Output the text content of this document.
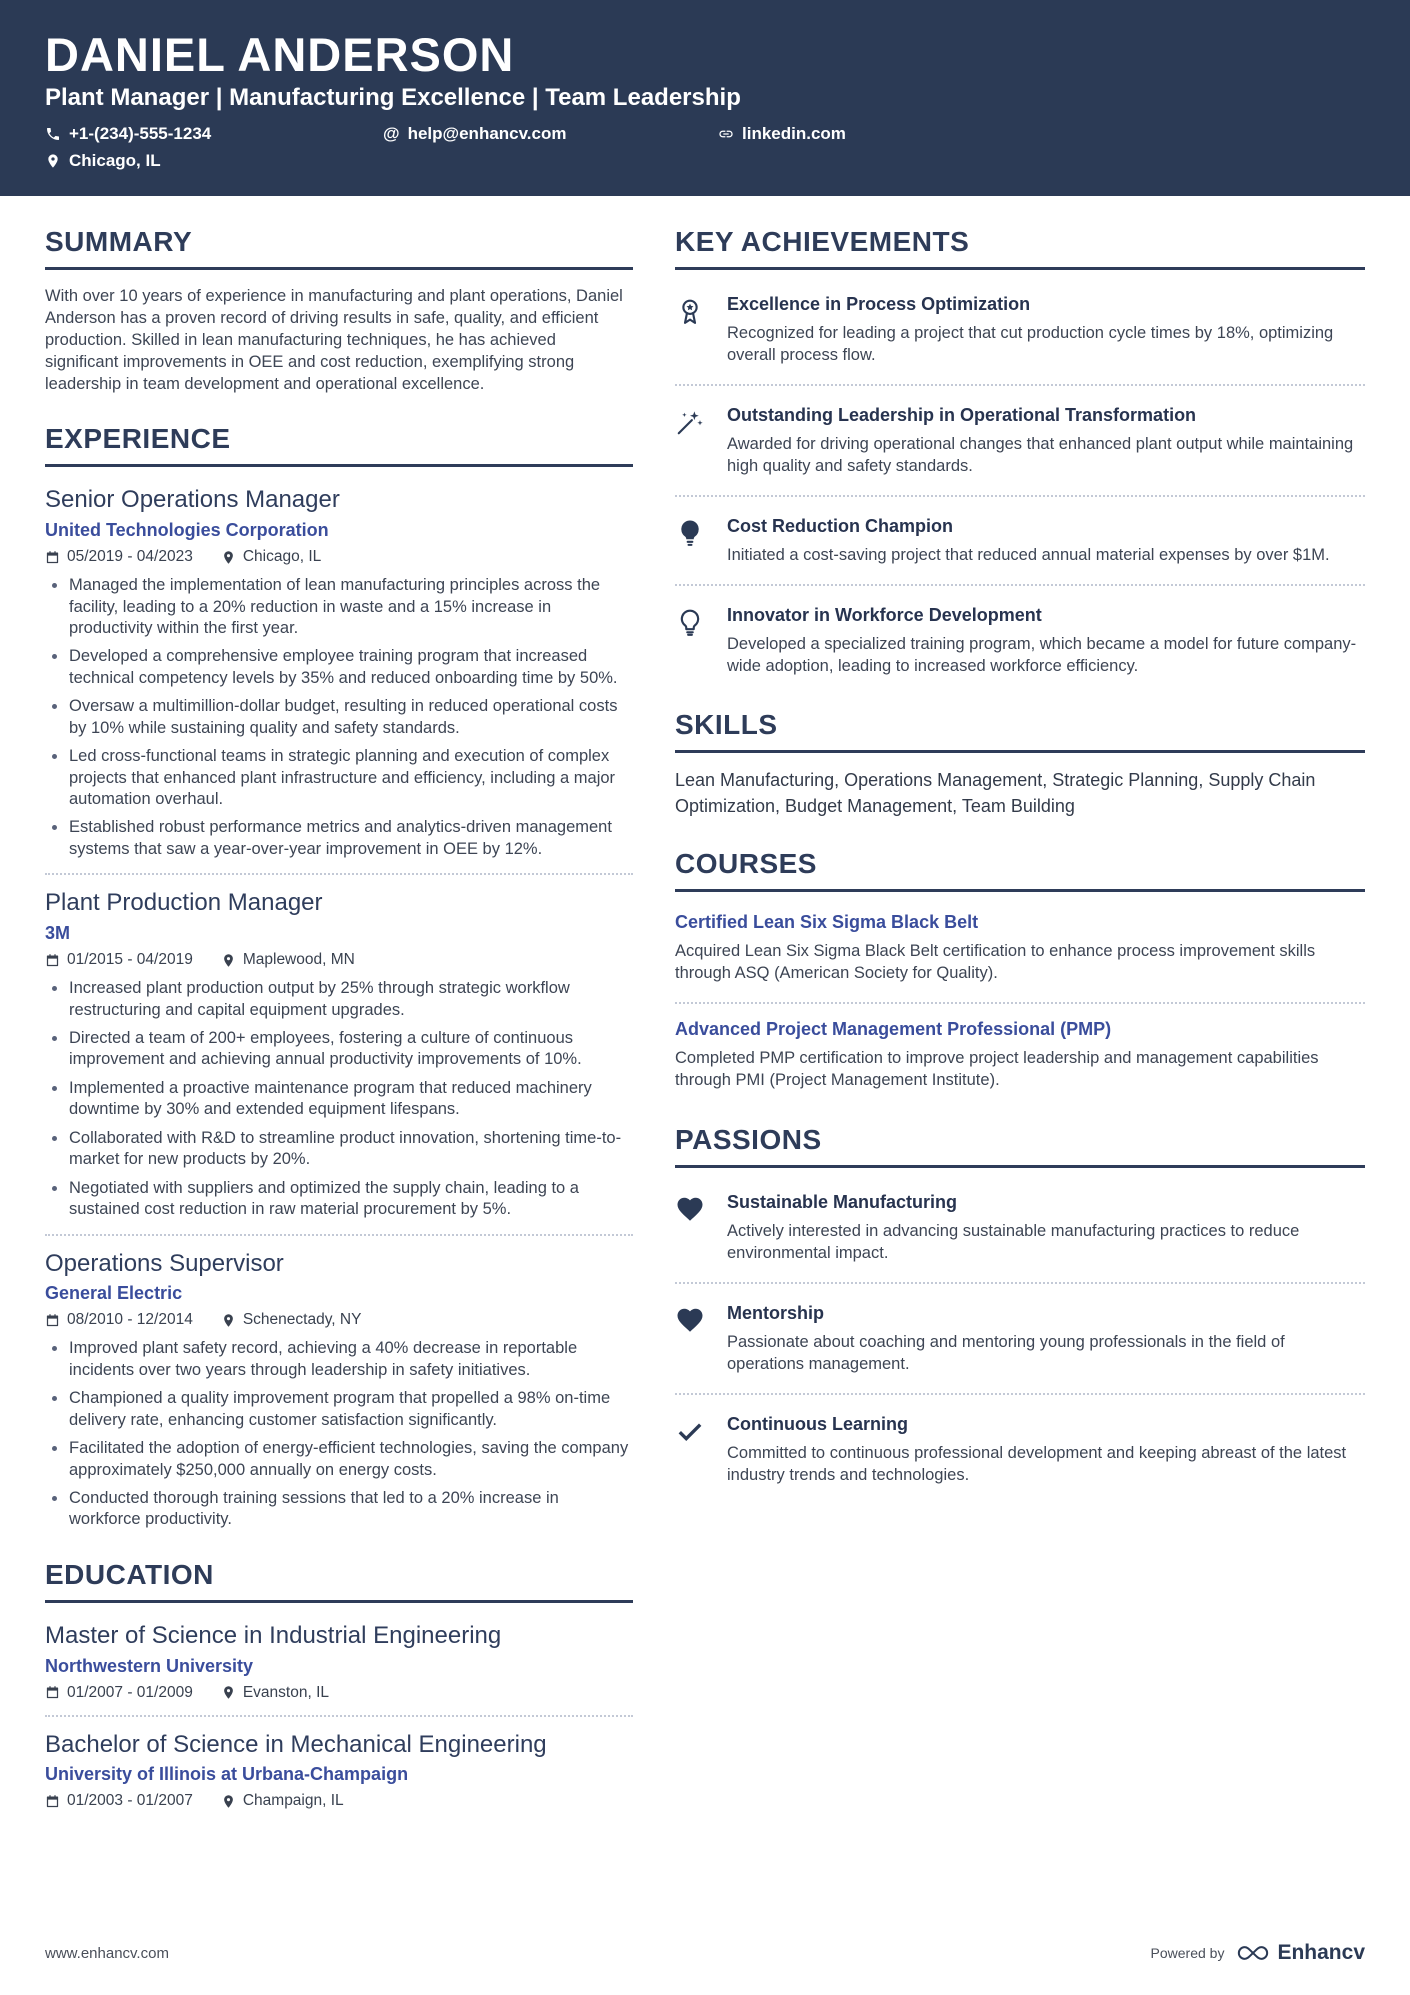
DANIEL ANDERSON
Plant Manager | Manufacturing Excellence | Team Leadership
+1-(234)-555-1234	@ help@enhancv.com	linkedin.com
Chicago, IL
SUMMARY

With over 10 years of experience in manufacturing and plant operations, Daniel Anderson has a proven record of driving results in safe, quality, and efficient production. Skilled in lean manufacturing techniques, he has achieved significant improvements in OEE and cost reduction, exemplifying strong leadership in team development and operational excellence.

EXPERIENCE
Senior Operations Manager
United Technologies Corporation
05/2019 - 04/2023	Chicago, IL
Managed the implementation of lean manufacturing principles across the facility, leading to a 20% reduction in waste and a 15% increase in productivity within the first year.
Developed a comprehensive employee training program that increased technical competency levels by 35% and reduced onboarding time by 50%.
Oversaw a multimillion-dollar budget, resulting in reduced operational costs by 10% while sustaining quality and safety standards.
Led cross-functional teams in strategic planning and execution of complex projects that enhanced plant infrastructure and efficiency, including a major automation overhaul.
Established robust performance metrics and analytics-driven management systems that saw a year-over-year improvement in OEE by 12%.
Plant Production Manager
3M
01/2015 - 04/2019	Maplewood, MN
Increased plant production output by 25% through strategic workflow restructuring and capital equipment upgrades.
Directed a team of 200+ employees, fostering a culture of continuous improvement and achieving annual productivity improvements of 10%.
Implemented a proactive maintenance program that reduced machinery downtime by 30% and extended equipment lifespans.
Collaborated with R&D to streamline product innovation, shortening time-to-market for new products by 20%.
Negotiated with suppliers and optimized the supply chain, leading to a sustained cost reduction in raw material procurement by 5%.
Operations Supervisor
General Electric
08/2010 - 12/2014	Schenectady, NY
Improved plant safety record, achieving a 40% decrease in reportable incidents over two years through leadership in safety initiatives.
Championed a quality improvement program that propelled a 98% on-time delivery rate, enhancing customer satisfaction significantly.
Facilitated the adoption of energy-efficient technologies, saving the company approximately $250,000 annually on energy costs.
Conducted thorough training sessions that led to a 20% increase in workforce productivity.
EDUCATION
Master of Science in Industrial Engineering
Northwestern University
01/2007 - 01/2009	Evanston, IL
Bachelor of Science in Mechanical Engineering
University of Illinois at Urbana-Champaign
01/2003 - 01/2007	Champaign, IL
KEY ACHIEVEMENTS
Excellence in Process Optimization
Recognized for leading a project that cut production cycle times by 18%, optimizing overall process flow.
Outstanding Leadership in Operational Transformation
Awarded for driving operational changes that enhanced plant output while maintaining high quality and safety standards.
Cost Reduction Champion
Initiated a cost-saving project that reduced annual material expenses by over $1M.
Innovator in Workforce Development
Developed a specialized training program, which became a model for future company-wide adoption, leading to increased workforce efficiency.
SKILLS

Lean Manufacturing, Operations Management, Strategic Planning, Supply Chain Optimization, Budget Management, Team Building

COURSES
Certified Lean Six Sigma Black Belt
Acquired Lean Six Sigma Black Belt certification to enhance process improvement skills through ASQ (American Society for Quality).
Advanced Project Management Professional (PMP)
Completed PMP certification to improve project leadership and management capabilities through PMI (Project Management Institute).
PASSIONS
Sustainable Manufacturing
Actively interested in advancing sustainable manufacturing practices to reduce environmental impact.
Mentorship
Passionate about coaching and mentoring young professionals in the field of operations management.
Continuous Learning
Committed to continuous professional development and keeping abreast of the latest industry trends and technologies.
www.enhancv.com	Powered by	Enhancv
